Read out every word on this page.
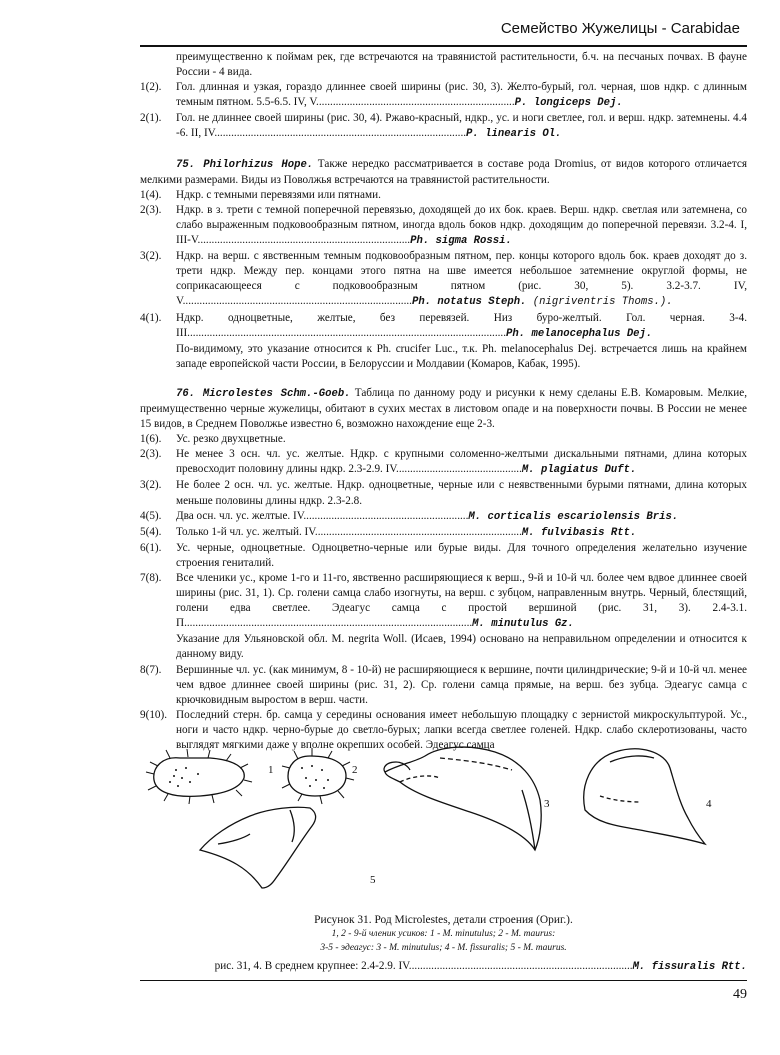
Семейство Жужелицы - Carabidae

преимущественно к поймам рек, где встречаются на травянистой растительности, б.ч. на песчаных почвах. В фауне России - 4 вида.

1(2). Гол. длинная и узкая, гораздо длиннее своей ширины (рис. 30, 3). Желто-бурый, гол. черная, шов ндкр. с длинным темным пятном. 5.5-6.5. IV, V.......................................................................P. longiceps Dej.

2(1). Гол. не длиннее своей ширины (рис. 30, 4). Ржаво-красный, ндкр., ус. и ноги светлее, гол. и верш. ндкр. затемнены. 4.4 -6. II, IV..........................................................................................P. linearis Ol.

75. Philorhizus Hope. Также нередко рассматривается в составе рода Dromius, от видов которого отличается мелкими размерами. Виды из Поволжья встречаются на травянистой растительности.

1(4). Ндкр. с темными перевязями или пятнами.

2(3). Ндкр. в з. трети с темной поперечной перевязью, доходящей до их бок. краев. Верш. ндкр. светлая или затемнена, со слабо выраженным подковообразным пятном, иногда вдоль боков ндкр. доходящим до поперечной перевязи. 3.2-4. I, III-V............................................................................Ph. sigma Rossi.

3(2). Ндкр. на верш. с явственным темным подковообразным пятном, пер. концы которого вдоль бок. краев доходят до з. трети ндкр. Между пер. концами этого пятна на шве имеется небольшое затемнение округлой формы, не соприкасающееся с подковообразным пятном (рис. 30, 5). 3.2-3.7. IV, V..................................................................................Ph. notatus Steph. (nigriventris Thoms.).

4(1). Ндкр. одноцветные, желтые, без перевязей. Низ буро-желтый. Гол. черная. 3-4. III..................................................................................................................Ph. melanocephalus Dej.

По-видимому, это указание относится к Ph. crucifer Luc., т.к. Ph. melanocephalus Dej. встречается лишь на крайнем западе европейской части России, в Белоруссии и Молдавии (Комаров, Кабак, 1995).

76. Microlestes Schm.-Goeb. Таблица по данному роду и рисунки к нему сделаны Е.В. Комаровым. Мелкие, преимущественно черные жужелицы, обитают в сухих местах в листовом опаде и на поверхности почвы. В России не менее 15 видов, в Среднем Поволжье известно 6, возможно нахождение еще 2-3.

1(6). Ус. резко двухцветные.

2(3). Не менее 3 осн. чл. ус. желтые. Ндкр. с крупными соломенно-желтыми дискальными пятнами, длина которых превосходит половину длины ндкр. 2.3-2.9. IV.............................................M. plagiatus Duft.

3(2). Не более 2 осн. чл. ус. желтые. Ндкр. одноцветные, черные или с неявственными бурыми пятнами, длина которых меньше половины длины ндкр. 2.3-2.8.

4(5). Два осн. чл. ус. желтые. IV...........................................................M. corticalis escariolensis Bris.

5(4). Только 1-й чл. ус. желтый. IV..........................................................................M. fulvibasis Rtt.

6(1). Ус. черные, одноцветные. Одноцветно-черные или бурые виды. Для точного определения желательно изучение строения гениталий.

7(8). Все членики ус., кроме 1-го и 11-го, явственно расширяющиеся к верш., 9-й и 10-й чл. более чем вдвое длиннее своей ширины (рис. 31, 1). Ср. голени самца слабо изогнуты, на верш. с зубцом, направленным внутрь. Черный, блестящий, голени едва светлее. Эдеагус самца с простой вершиной (рис. 31, 3). 2.4-3.1. П.......................................................................................................M. minutulus Gz.

Указание для Ульяновской обл. M. negrita Woll. (Исаев, 1994) основано на неправильном определении и относится к данному виду.

8(7). Вершинные чл. ус. (как минимум, 8 - 10-й) не расширяющиеся к вершине, почти цилиндрические; 9-й и 10-й чл. менее чем вдвое длиннее своей ширины (рис. 31, 2). Ср. голени самца прямые, на верш. без зубца. Эдеагус самца с крючковидным выростом в верш. части.

9(10). Последний стерн. бр. самца у середины основания имеет небольшую площадку с зернистой микроскульптурой. Ус., ноги и часто ндкр. черно-бурые до светло-бурых; лапки всегда светлее голеней. Ндкр. слабо склеротизованы, часто выглядят мягкими даже у вполне окрепших особей. Эдеагус самца

1	2
3	4
5
Рисунок 31. Род Microlestes, детали строения (Ориг.).
1, 2 - 9-й членик усиков: 1 - M. minutulus; 2 - M. maurus:
3-5 - эдеагус: 3 - M. minutulus; 4 - M. fissuralis; 5 - M. maurus.
рис. 31, 4. В среднем крупнее: 2.4-2.9. IV................................................................................M. fissuralis Rtt.
49
